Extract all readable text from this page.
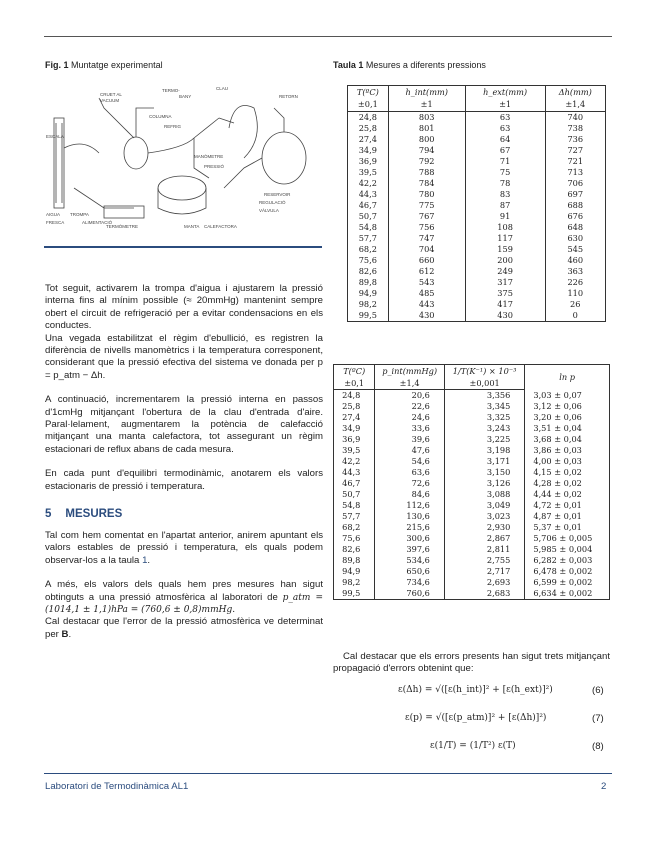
Fig. 1 Muntatge experimental	Taula 1 Mesures a diferents pressions
CRUET AL
VACUUM
CLAU
TERMO-
BANY
MANÒMETRE
ESCALA
AIGUA TROMPA
FRESCA	ALIMENTACIÓ
TERMÒMETRE
PRESSIÓ
REFRIG
COLUMNA
RETORN
CALEFACTORA
MANTA
RESERVOIR
REGULACIÓ
VÀLVULA

Tot seguit, activarem la trompa d'aigua i ajustarem la pressió interna fins al mínim possible (≈ 20mmHg) mantenint sempre obert el circuit de refrigeració per a evitar condensacions en els conductes.

Una vegada estabilitzat el règim d'ebullició, es registren la diferència de nivells manomètrics i la temperatura corresponent, considerant que la pressió efectiva del sistema ve donada per p = p_atm − Δh.

A continuació, incrementarem la pressió interna en passos d'1cmHg mitjançant l'obertura de la clau d'entrada d'aire. Paral·lelament, augmentarem la potència de calefacció mitjançant una manta calefactora, tot assegurant un règim estacionari de reflux abans de cada mesura.

En cada punt d'equilibri termodinàmic, anotarem els valors estacionaris de pressió i temperatura.

5 MESURES

Tal com hem comentat en l'apartat anterior, anirem apuntant els valors estables de pressió i temperatura, els quals podem observar-los a la taula 1.

A més, els valors dels quals hem pres mesures han sigut obtinguts a una pressió atmosfèrica al laboratori de p_atm = (1014,1 ± 1,1)hPa = (760,6 ± 0,8)mmHg.

Cal destacar que l'error de la pressió atmosfèrica ve determinat per B.

T(ºC)	h_int(mm)	h_ext(mm)	Δh(mm)
±0,1	±1	±1	±1,4
24,8	803	63	740
25,8	801	63	738
27,4	800	64	736
34,9	794	67	727
36,9	792	71	721
39,5	788	75	713
42,2	784	78	706
44,3	780	83	697
46,7	775	87	688
50,7	767	91	676
54,8	756	108	648
57,7	747	117	630
68,2	704	159	545
75,6	660	200	460
82,6	612	249	363
89,8	543	317	226
94,9	485	375	110
98,2	443	417	26
99,5	430	430	0
T(ºC)	p_int(mmHg)	1/T(K⁻¹) × 10⁻³	ln p
±0,1	±1,4	±0,001	
24,8	20,6	3,356	3,03 ± 0,07
25,8	22,6	3,345	3,12 ± 0,06
27,4	24,6	3,325	3,20 ± 0,06
34,9	33,6	3,243	3,51 ± 0,04
36,9	39,6	3,225	3,68 ± 0,04
39,5	47,6	3,198	3,86 ± 0,03
42,2	54,6	3,171	4,00 ± 0,03
44,3	63,6	3,150	4,15 ± 0,02
46,7	72,6	3,126	4,28 ± 0,02
50,7	84,6	3,088	4,44 ± 0,02
54,8	112,6	3,049	4,72 ± 0,01
57,7	130,6	3,023	4,87 ± 0,01
68,2	215,6	2,930	5,37 ± 0,01
75,6	300,6	2,867	5,706 ± 0,005
82,6	397,6	2,811	5,985 ± 0,004
89,8	534,6	2,755	6,282 ± 0,003
94,9	650,6	2,717	6,478 ± 0,002
98,2	734,6	2,693	6,599 ± 0,002
99,5	760,6	2,683	6,634 ± 0,002
Cal destacar que els errors presents han sigut trets mitjançant propagació d'errors obtenint que:
ε(Δh) = √([ε(h_int)]² + [ε(h_ext)]²)	(6)
ε(p) = √([ε(p_atm)]² + [ε(Δh)]²)	(7)
ε(1/T) = (1/T²) ε(T)	(8)
Laboratori de Termodinàmica AL1	2
